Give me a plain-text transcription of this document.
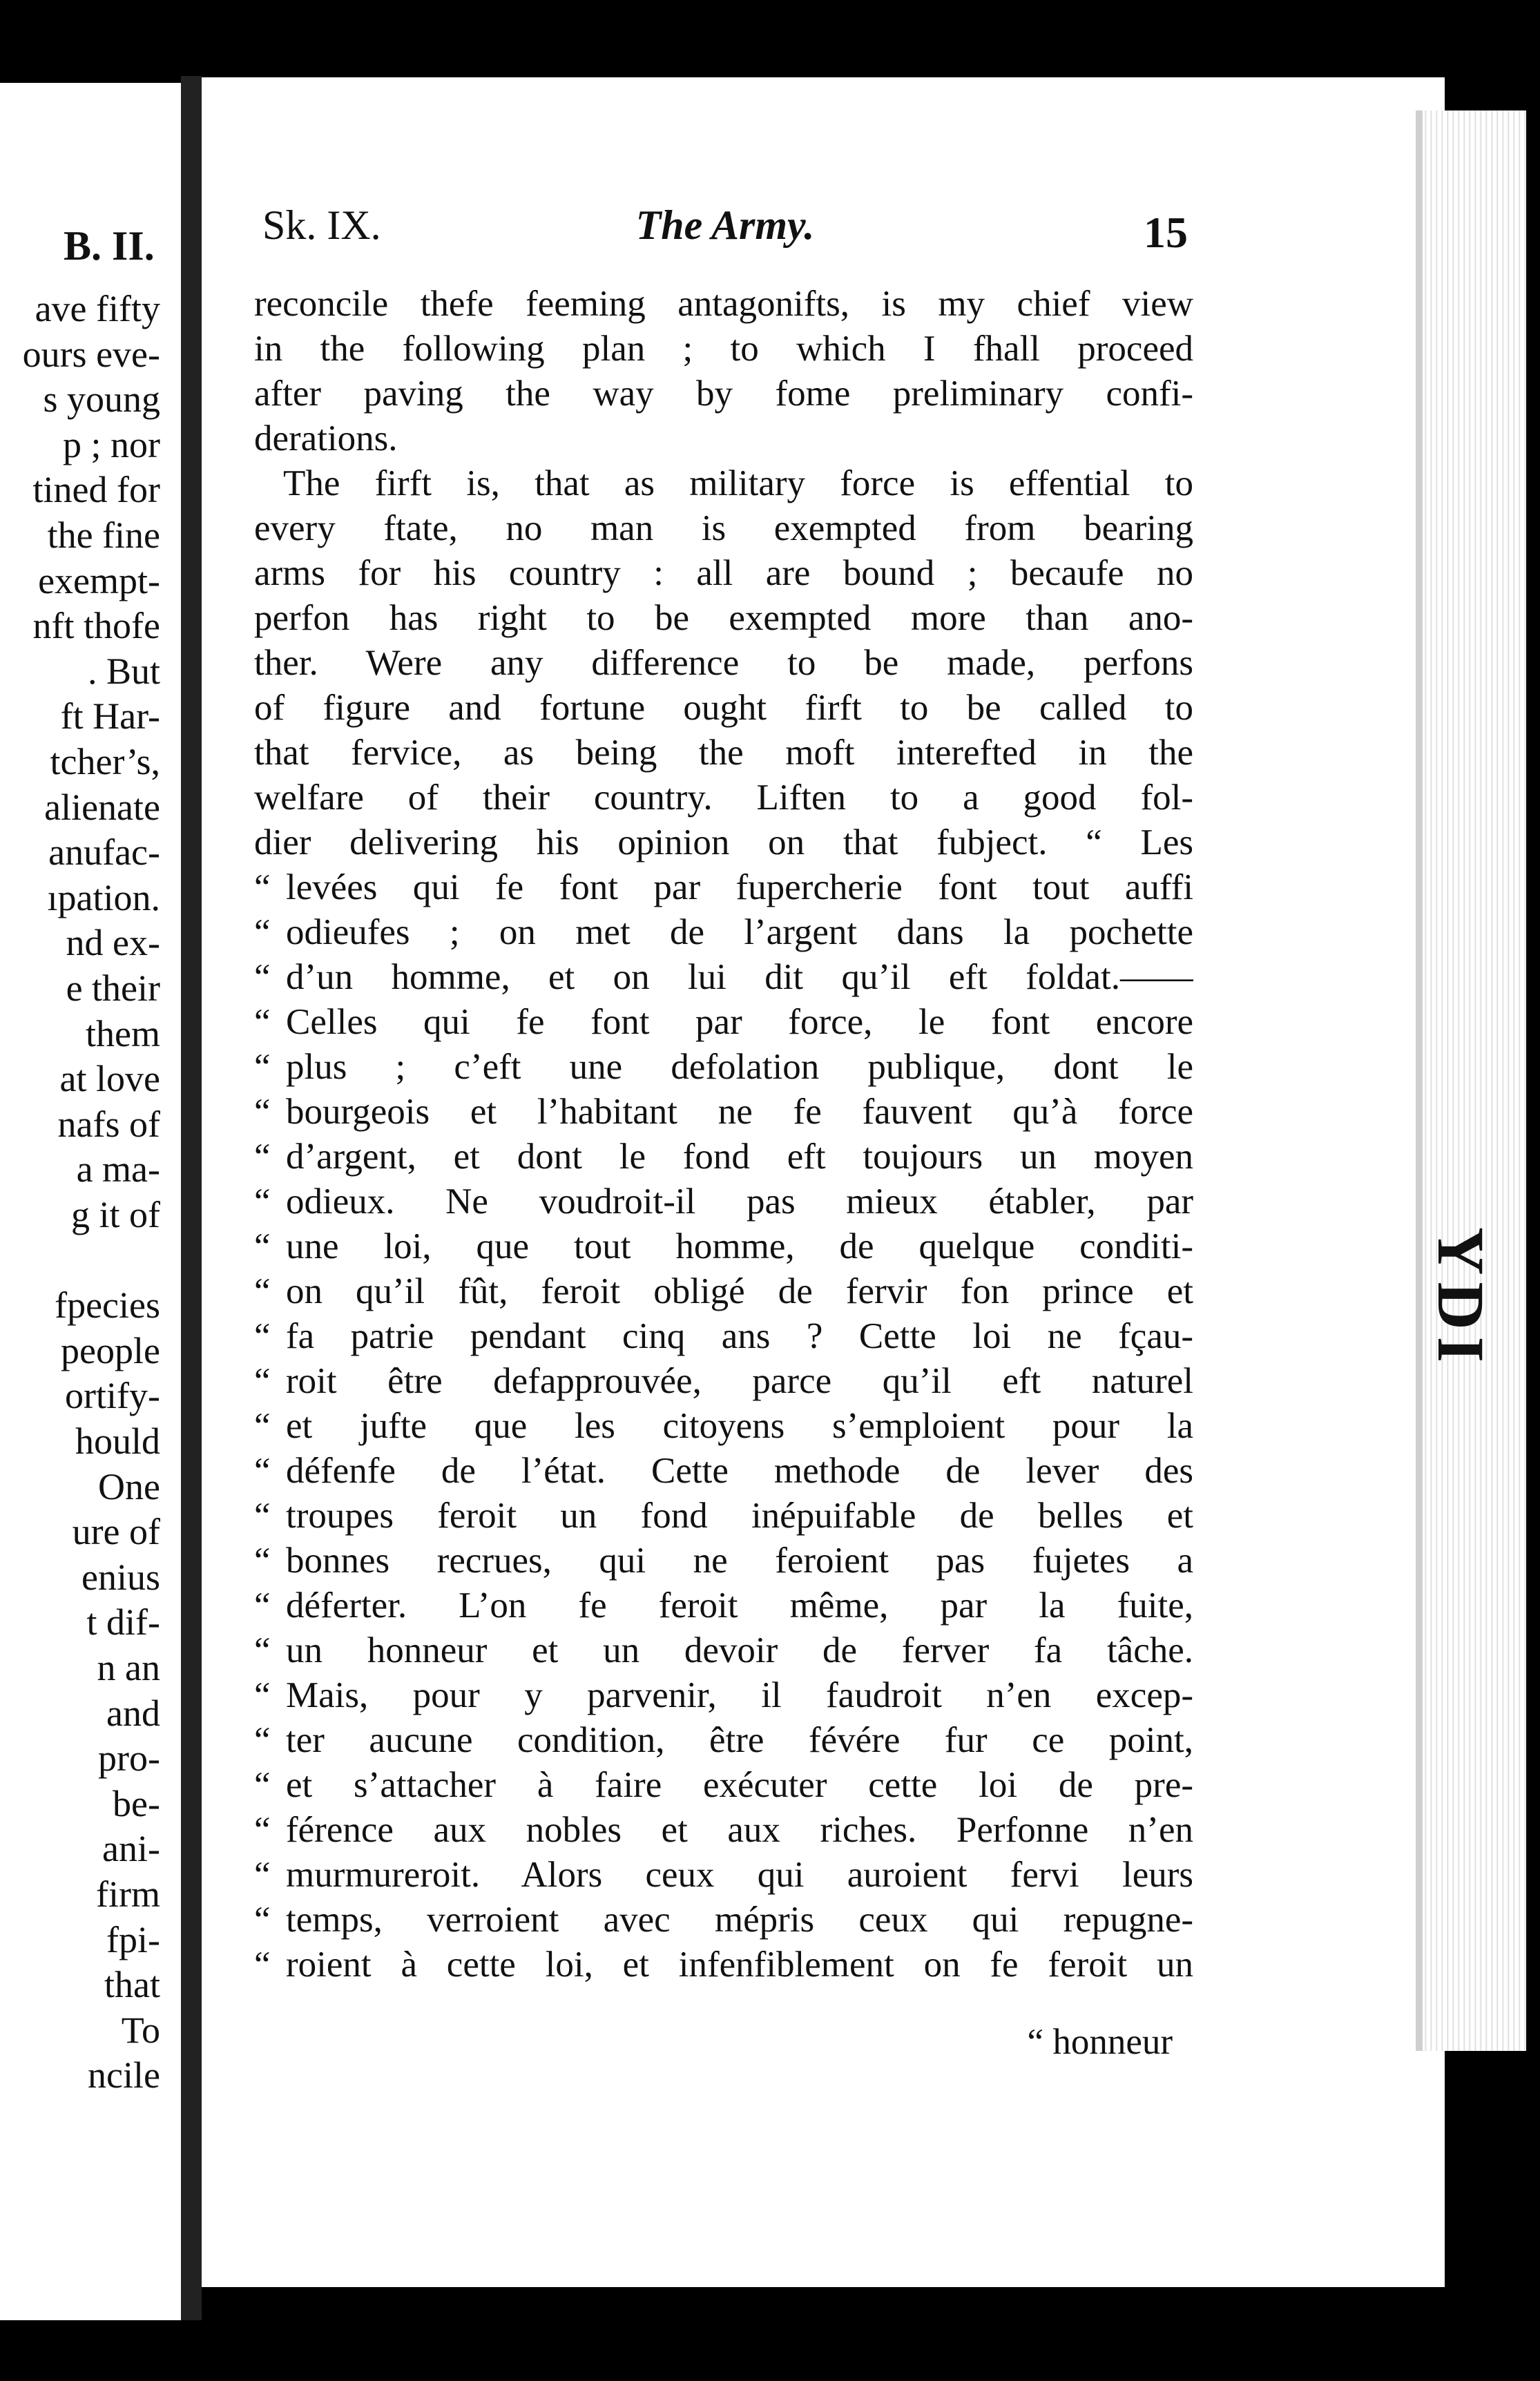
YDI
B. II.
ave fifty
ours eve-
s young
p ; nor
tined for
the fine
exempt-
nft thofe
. But
ft Har-
tcher’s,
alienate
anufac-
ıpation.
nd ex-
e their
them
at love
nafs of
a ma-
g it of
fpecies
people
ortify-
hould
One
ure of
enius
t dif-
n an
and
pro-
be-
ani-
firm
fpi-
that
To
ncile
Sk. IX.	The Army.	15
reconcile thefe feeming antagonifts, is my chief view
in the following plan ; to which I fhall proceed
after paving the way by fome preliminary confi-
derations.
The firft is, that as military force is effential to
every ftate, no man is exempted from bearing
arms for his country : all are bound ; becaufe no
perfon has right to be exempted more than ano-
ther. Were any difference to be made, perfons
of figure and fortune ought firft to be called to
that fervice, as being the moft interefted in the
welfare of their country. Liften to a good fol-
dier delivering his opinion on that fubject. “ Les
“ levées qui fe font par fupercherie font tout auffi
“ odieufes ; on met de l’argent dans la pochette
“ d’un homme, et on lui dit qu’il eft foldat.——
“ Celles qui fe font par force, le font encore
“ plus ; c’eft une defolation publique, dont le
“ bourgeois et l’habitant ne fe fauvent qu’à force
“ d’argent, et dont le fond eft toujours un moyen
“ odieux. Ne voudroit-il pas mieux établer, par
“ une loi, que tout homme, de quelque conditi-
“ on qu’il fût, feroit obligé de fervir fon prince et
“ fa patrie pendant cinq ans ? Cette loi ne fçau-
“ roit être defapprouvée, parce qu’il eft naturel
“ et jufte que les citoyens s’emploient pour la
“ défenfe de l’état. Cette methode de lever des
“ troupes feroit un fond inépuifable de belles et
“ bonnes recrues, qui ne feroient pas fujetes a
“ déferter. L’on fe feroit même, par la fuite,
“ un honneur et un devoir de ferver fa tâche.
“ Mais, pour y parvenir, il faudroit n’en excep-
“ ter aucune condition, être févére fur ce point,
“ et s’attacher à faire exécuter cette loi de pre-
“ férence aux nobles et aux riches. Perfonne n’en
“ murmureroit. Alors ceux qui auroient fervi leurs
“ temps, verroient avec mépris ceux qui repugne-
“ roient à cette loi, et infenfiblement on fe feroit un
“ honneur
